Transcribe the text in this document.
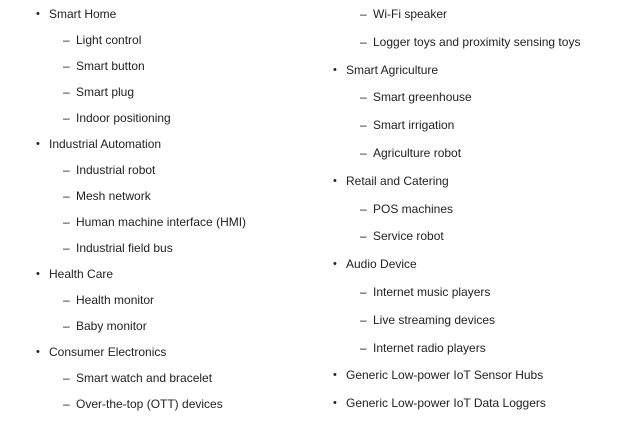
• Smart Home
– Light control
– Smart button
– Smart plug
– Indoor positioning
• Industrial Automation
– Industrial robot
– Mesh network
– Human machine interface (HMI)
– Industrial field bus
• Health Care
– Health monitor
– Baby monitor
• Consumer Electronics
– Smart watch and bracelet
– Over-the-top (OTT) devices
– Wi-Fi speaker
– Logger toys and proximity sensing toys
• Smart Agriculture
– Smart greenhouse
– Smart irrigation
– Agriculture robot
• Retail and Catering
– POS machines
– Service robot
• Audio Device
– Internet music players
– Live streaming devices
– Internet radio players
• Generic Low-power IoT Sensor Hubs
• Generic Low-power IoT Data Loggers
